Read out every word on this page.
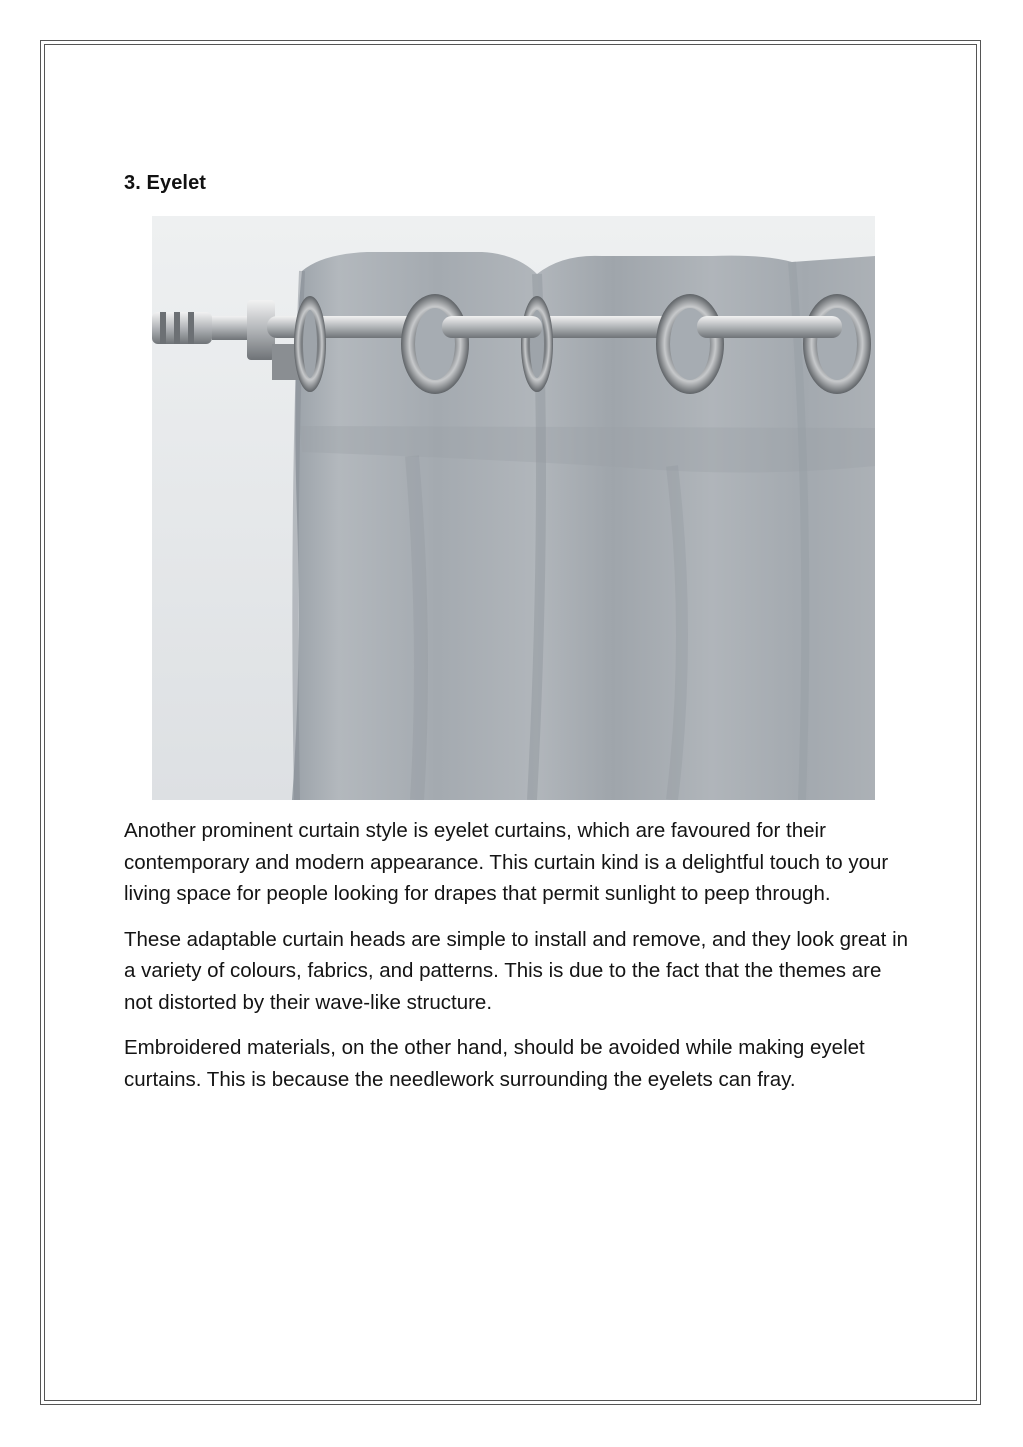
3. Eyelet

Another prominent curtain style is eyelet curtains, which are favoured for their contemporary and modern appearance. This curtain kind is a delightful touch to your living space for people looking for drapes that permit sunlight to peep through.

These adaptable curtain heads are simple to install and remove, and they look great in a variety of colours, fabrics, and patterns. This is due to the fact that the themes are not distorted by their wave-like structure.

Embroidered materials, on the other hand, should be avoided while making eyelet curtains. This is because the needlework surrounding the eyelets can fray.
